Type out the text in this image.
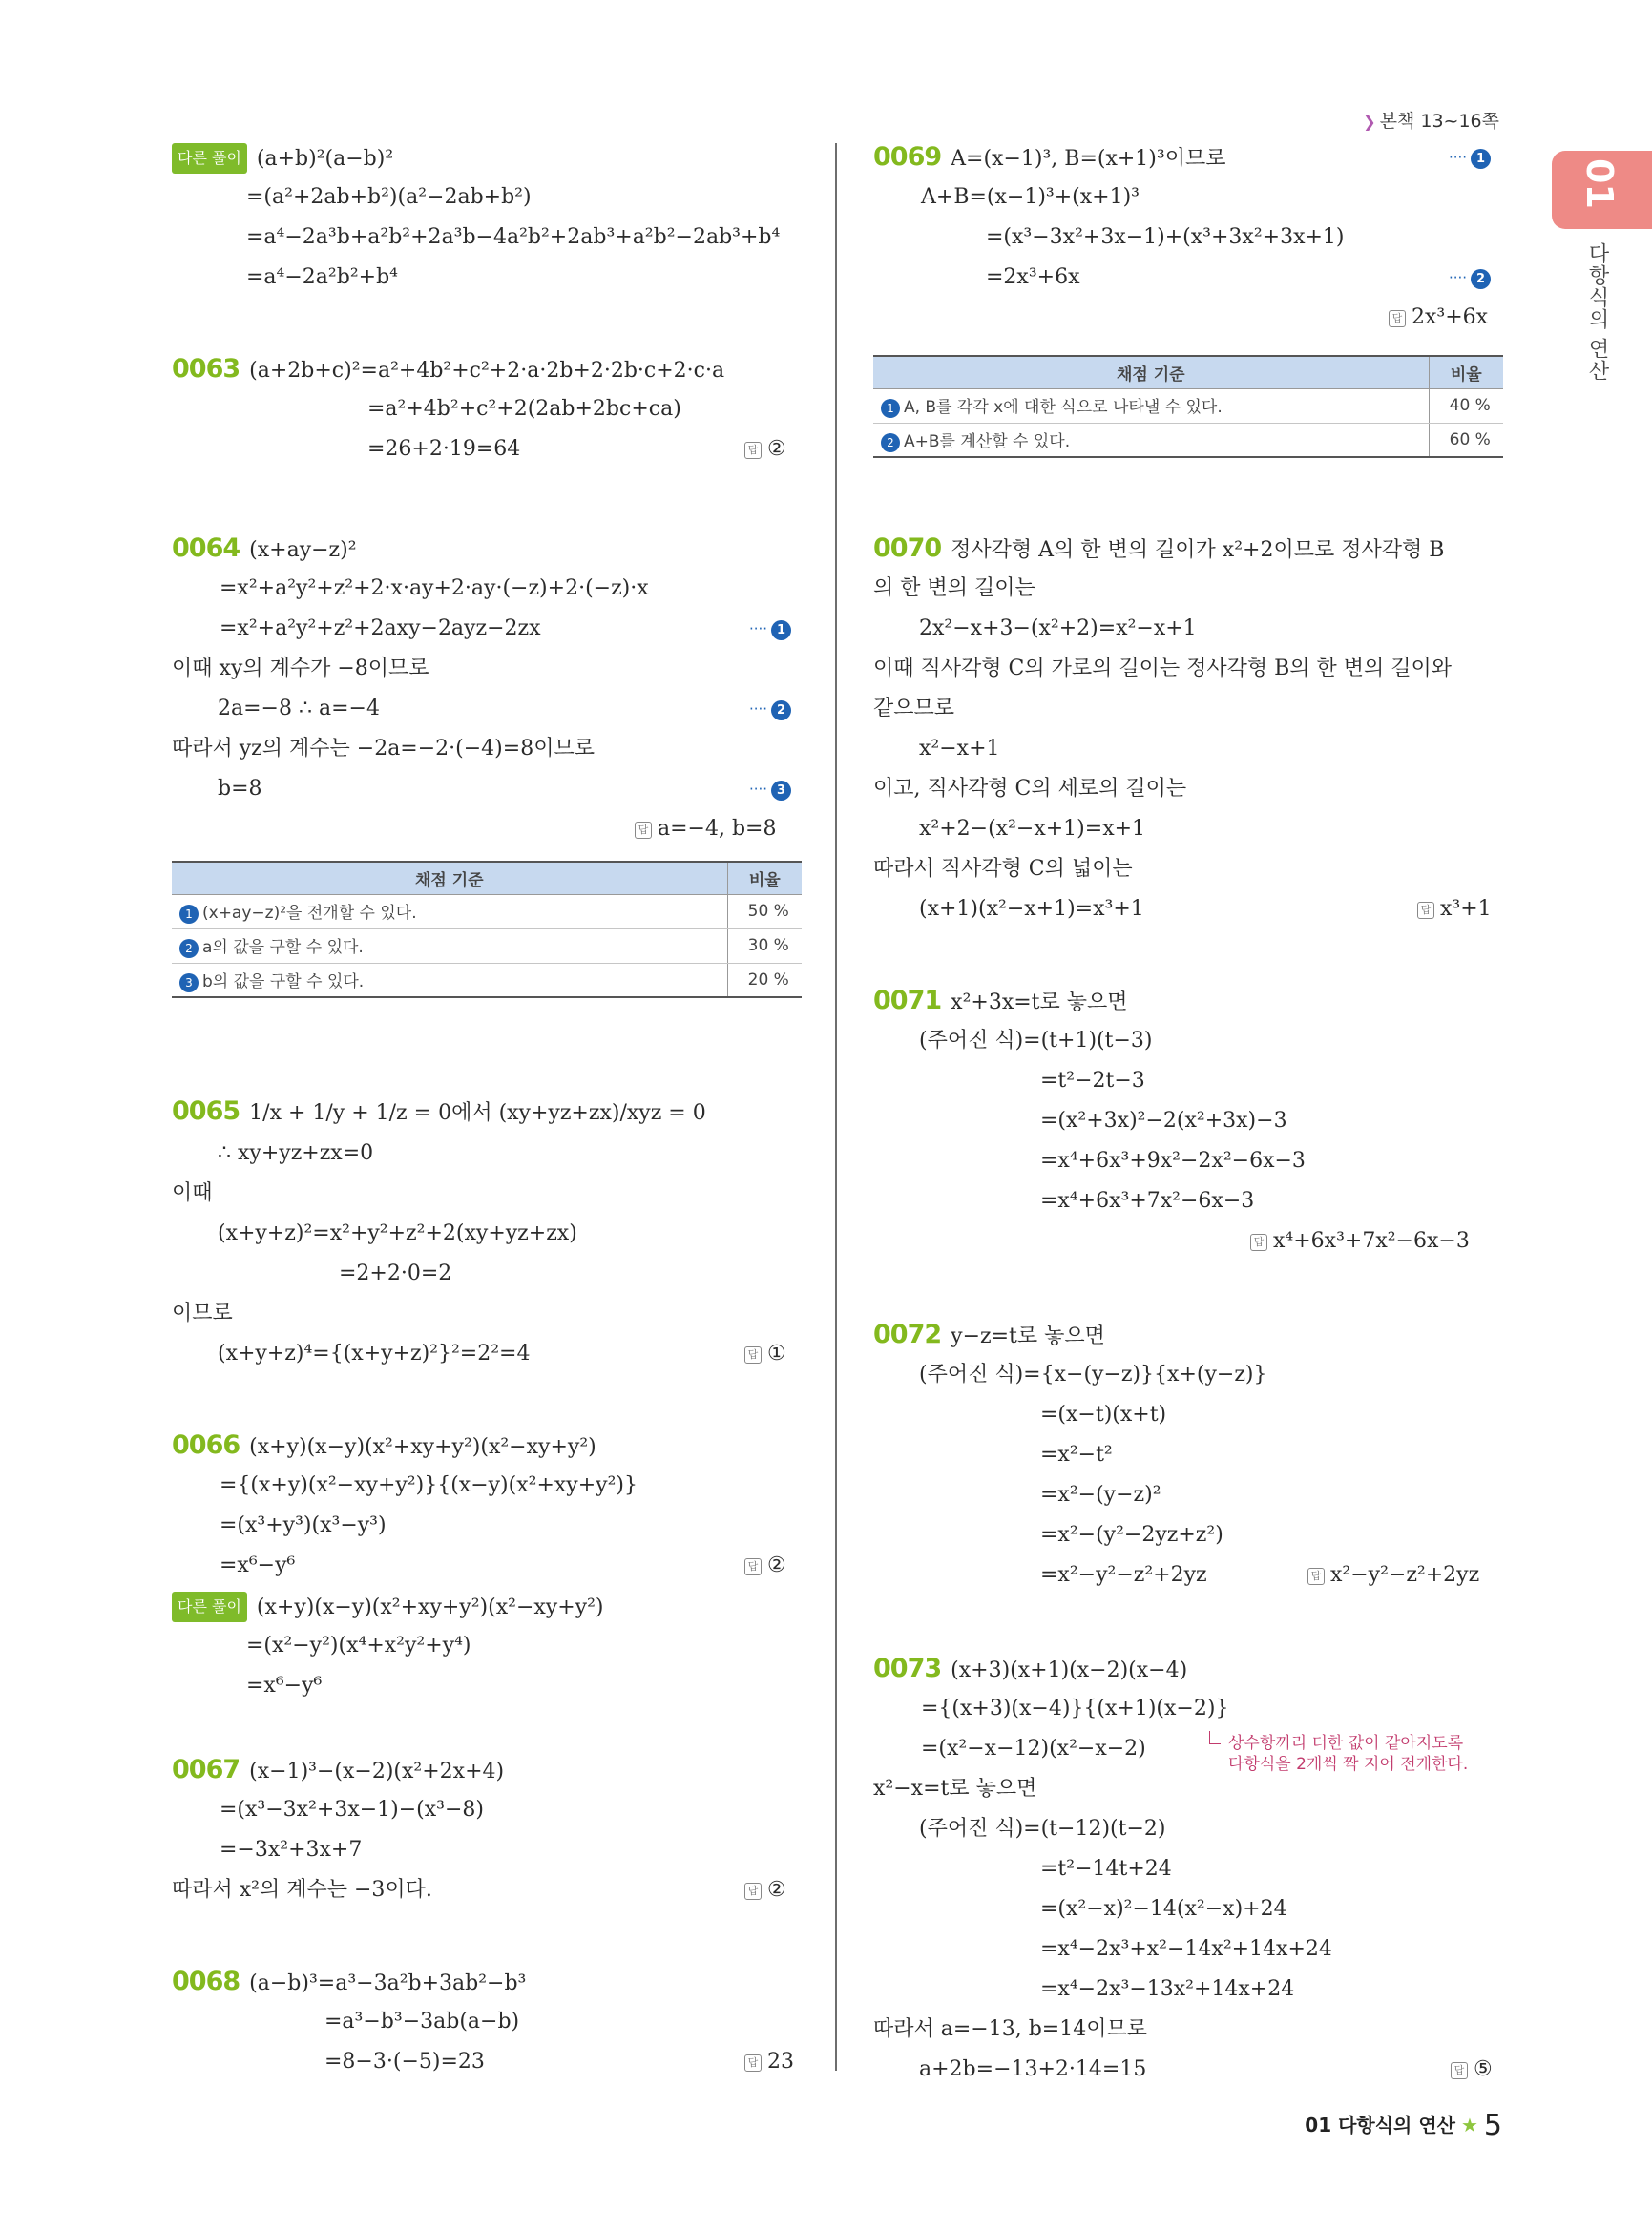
❯ 본책 13~16쪽
01
다항식의 연산
채점 기준	비율
1 (x+ay−z)²을 전개할 수 있다.	50 %
2 a의 값을 구할 수 있다.	30 %
3 b의 값을 구할 수 있다.	20 %
다른 풀이 (a+b)²(a−b)²
=(a²+2ab+b²)(a²−2ab+b²)
=a⁴−2a³b+a²b²+2a³b−4a²b²+2ab³+a²b²−2ab³+b⁴
=a⁴−2a²b²+b⁴
0063 (a+2b+c)²=a²+4b²+c²+2·a·2b+2·2b·c+2·c·a
=a²+4b²+c²+2(2ab+2bc+ca)
=26+2·19=64	답 ②
0064 (x+ay−z)²
=x²+a²y²+z²+2·x·ay+2·ay·(−z)+2·(−z)·x
=x²+a²y²+z²+2axy−2ayz−2zx	···· 1
이때 xy의 계수가 −8이므로
2a=−8 ∴ a=−4	···· 2
따라서 yz의 계수는 −2a=−2·(−4)=8이므로
b=8	···· 3
답 a=−4, b=8
0065 1/x + 1/y + 1/z = 0에서 (xy+yz+zx)/xyz = 0
∴ xy+yz+zx=0
이때
(x+y+z)²=x²+y²+z²+2(xy+yz+zx)
=2+2·0=2
이므로
(x+y+z)⁴={(x+y+z)²}²=2²=4	답 ①
0066 (x+y)(x−y)(x²+xy+y²)(x²−xy+y²)
={(x+y)(x²−xy+y²)}{(x−y)(x²+xy+y²)}
=(x³+y³)(x³−y³)
=x⁶−y⁶	답 ②
다른 풀이 (x+y)(x−y)(x²+xy+y²)(x²−xy+y²)
=(x²−y²)(x⁴+x²y²+y⁴)
=x⁶−y⁶
0067 (x−1)³−(x−2)(x²+2x+4)
=(x³−3x²+3x−1)−(x³−8)
=−3x²+3x+7
따라서 x²의 계수는 −3이다.	답 ②
0068 (a−b)³=a³−3a²b+3ab²−b³
=a³−b³−3ab(a−b)
=8−3·(−5)=23	답 23
채점 기준	비율
1 A, B를 각각 x에 대한 식으로 나타낼 수 있다.	40 %
2 A+B를 계산할 수 있다.	60 %
상수항끼리 더한 값이 같아지도록
다항식을 2개씩 짝 지어 전개한다.
0069 A=(x−1)³, B=(x+1)³이므로	···· 1
A+B=(x−1)³+(x+1)³
=(x³−3x²+3x−1)+(x³+3x²+3x+1)
=2x³+6x	···· 2
답 2x³+6x
0070 정사각형 A의 한 변의 길이가 x²+2이므로 정사각형 B
의 한 변의 길이는
2x²−x+3−(x²+2)=x²−x+1
이때 직사각형 C의 가로의 길이는 정사각형 B의 한 변의 길이와
같으므로
x²−x+1
이고, 직사각형 C의 세로의 길이는
x²+2−(x²−x+1)=x+1
따라서 직사각형 C의 넓이는
(x+1)(x²−x+1)=x³+1	답 x³+1
0071 x²+3x=t로 놓으면
(주어진 식)=(t+1)(t−3)
=t²−2t−3
=(x²+3x)²−2(x²+3x)−3
=x⁴+6x³+9x²−2x²−6x−3
=x⁴+6x³+7x²−6x−3
답 x⁴+6x³+7x²−6x−3
0072 y−z=t로 놓으면
(주어진 식)={x−(y−z)}{x+(y−z)}
=(x−t)(x+t)
=x²−t²
=x²−(y−z)²
=x²−(y²−2yz+z²)
=x²−y²−z²+2yz	답 x²−y²−z²+2yz
0073 (x+3)(x+1)(x−2)(x−4)
={(x+3)(x−4)}{(x+1)(x−2)}
=(x²−x−12)(x²−x−2)
x²−x=t로 놓으면
(주어진 식)=(t−12)(t−2)
=t²−14t+24
=(x²−x)²−14(x²−x)+24
=x⁴−2x³+x²−14x²+14x+24
=x⁴−2x³−13x²+14x+24
따라서 a=−13, b=14이므로
a+2b=−13+2·14=15	답 ⑤
01 다항식의 연산 ★ 5
